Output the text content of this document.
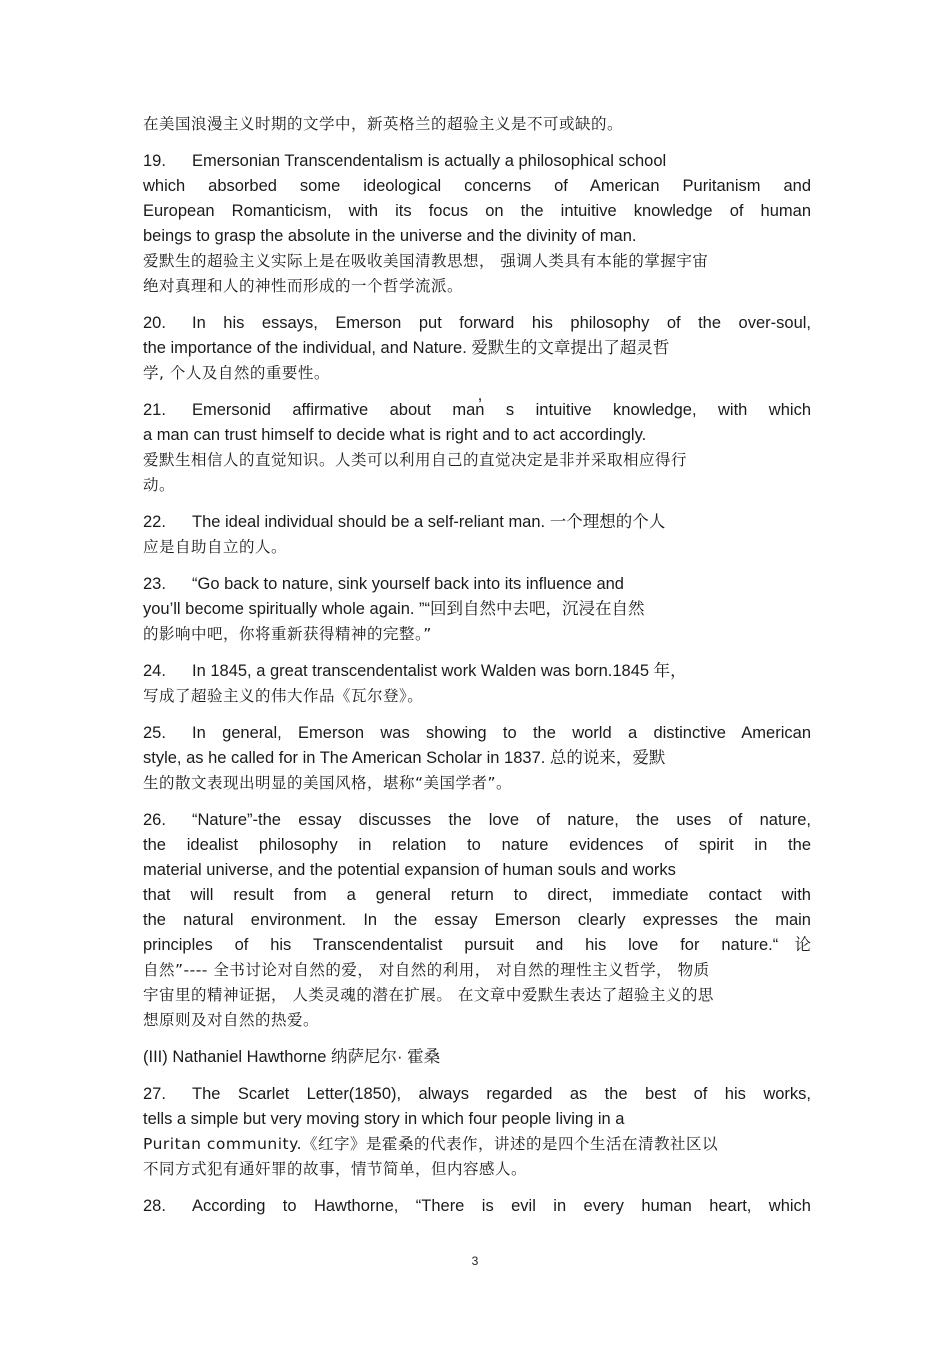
在美国浪漫主义时期的文学中，新英格兰的超验主义是不可或缺的。

19. Emersonian Transcendentalism is actually a philosophical school
which absorbed some ideological concerns of American Puritanism and
European Romanticism, with its focus on the intuitive knowledge of human
beings to grasp the absolute in the universe and the divinity of man.
爱默生的超验主义实际上是在吸收美国清教思想， 强调人类具有本能的掌握宇宙
绝对真理和人的神性而形成的一个哲学流派。
20. In his essays, Emerson put forward his philosophy of the over-soul,
the importance of the individual, and Nature. 爱默生的文章提出了超灵哲
学, 个人及自然的重要性。
21. Emersonid affirmative about man̓ s intuitive knowledge, with which
a man can trust himself to decide what is right and to act accordingly.
爱默生相信人的直觉知识。人类可以利用自己的直觉决定是非并采取相应得行
动。
22. The ideal individual should be a self-reliant man. 一个理想的个人
应是自助自立的人。
23. “Go back to nature, sink yourself back into its influence and
you’ll become spiritually whole again. ”“回到自然中去吧，沉浸在自然
的影响中吧，你将重新获得精神的完整。”
24. In 1845, a great transcendentalist work Walden was born.1845 年，
写成了超验主义的伟大作品《瓦尔登》。
25. In general, Emerson was showing to the world a distinctive American
style, as he called for in The American Scholar in 1837. 总的说来，爱默
生的散文表现出明显的美国风格，堪称“美国学者”。
26. “Nature”-the essay discusses the love of nature, the uses of nature,
the idealist philosophy in relation to nature evidences of spirit in the
material universe, and the potential expansion of human souls and works
that will result from a general return to direct, immediate contact with
the natural environment. In the essay Emerson clearly expresses the main
principles of his Transcendentalist pursuit and his love for nature.“论
自然”---- 全书讨论对自然的爱， 对自然的利用， 对自然的理性主义哲学， 物质
宇宙里的精神证据， 人类灵魂的潜在扩展。 在文章中爱默生表达了超验主义的思
想原则及对自然的热爱。
(III) Nathaniel Hawthorne 纳萨尼尔· 霍桑
27. The Scarlet Letter(1850), always regarded as the best of his works,
tells a simple but very moving story in which four people living in a
Puritan community.《红字》是霍桑的代表作，讲述的是四个生活在清教社区以
不同方式犯有通奸罪的故事，情节简单，但内容感人。
28. According to Hawthorne, “There is evil in every human heart, which
3
